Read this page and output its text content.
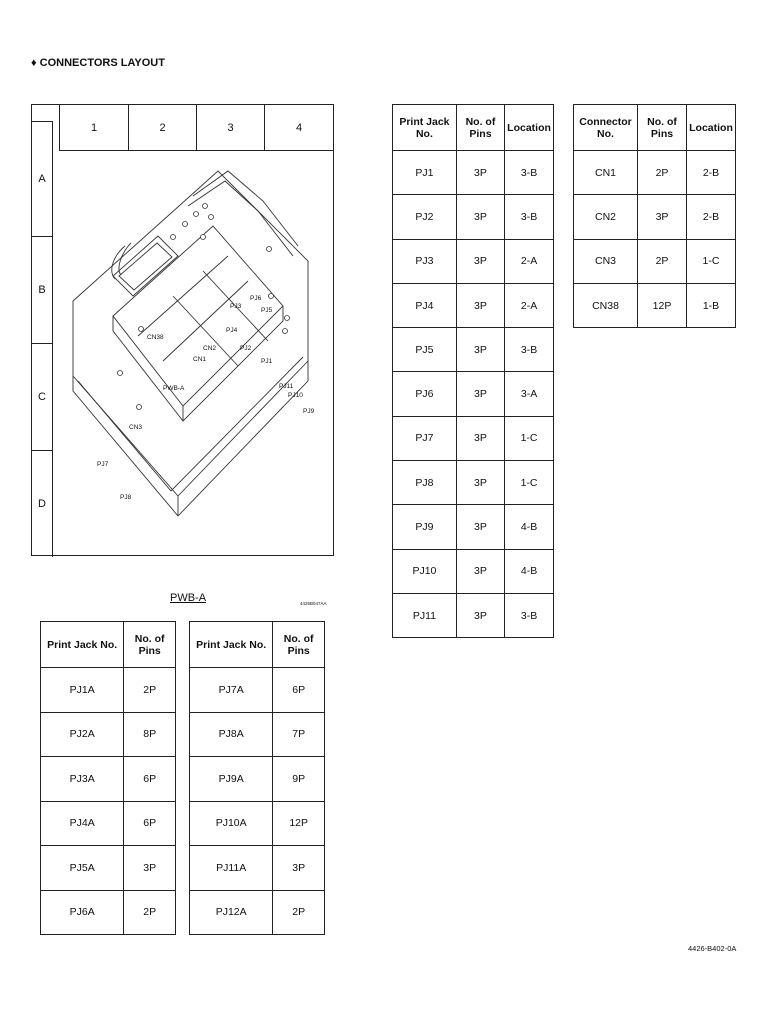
♦ CONNECTORS LAYOUT
1	2	3	4
A
B
C
D
PJ6
PJ3
PJ5
PJ4
CN38
CN2	PJ2
CN1	PJ1
PJ11
PJ10
PWB-A
PJ9
CN3
PJ7
PJ8
4426B047AA
Print Jack No.	No. of Pins	Location
PJ1	3P	3-B
PJ2	3P	3-B
PJ3	3P	2-A
PJ4	3P	2-A
PJ5	3P	3-B
PJ6	3P	3-A
PJ7	3P	1-C
PJ8	3P	1-C
PJ9	3P	4-B
PJ10	3P	4-B
PJ11	3P	3-B
Connector No.	No. of Pins	Location
CN1	2P	2-B
CN2	3P	2-B
CN3	2P	1-C
CN38	12P	1-B
PWB-A
Print Jack No.	No. of Pins
PJ1A	2P
PJ2A	8P
PJ3A	6P
PJ4A	6P
PJ5A	3P
PJ6A	2P
Print Jack No.	No. of Pins
PJ7A	6P
PJ8A	7P
PJ9A	9P
PJ10A	12P
PJ11A	3P
PJ12A	2P
4426-B402-0A
